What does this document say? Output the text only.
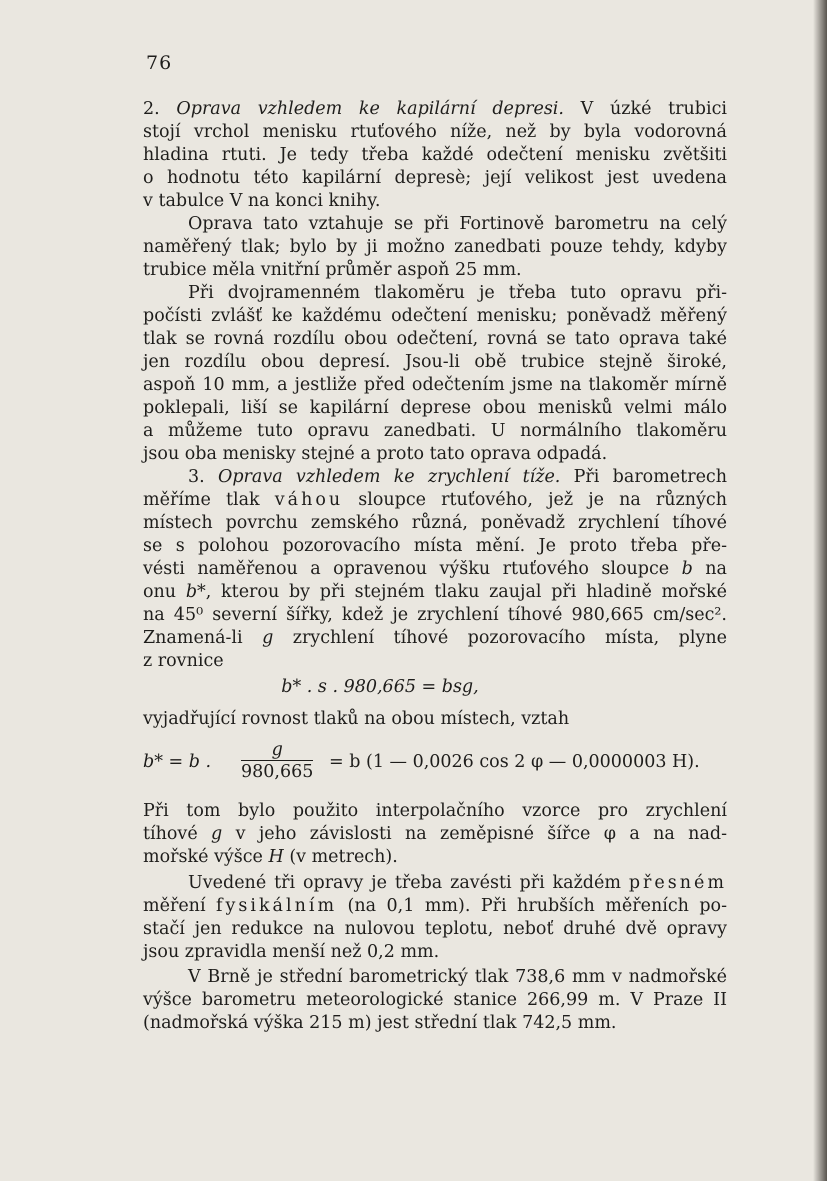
76

2. Oprava vzhledem ke kapilární depresi. V úzké trubici

stojí vrchol menisku rtuťového níže, než by byla vodorovná

hladina rtuti. Je tedy třeba každé odečtení menisku zvětšiti

o hodnotu této kapilární depresè; její velikost jest uvedena

v tabulce V na konci knihy.

Oprava tato vztahuje se při Fortinově barometru na celý

naměřený tlak; bylo by ji možno zanedbati pouze tehdy, kdyby

trubice měla vnitřní průměr aspoň 25 mm.

Při dvojramenném tlakoměru je třeba tuto opravu při-

počísti zvlášť ke každému odečtení menisku; poněvadž měřený

tlak se rovná rozdílu obou odečtení, rovná se tato oprava také

jen rozdílu obou depresí. Jsou-li obě trubice stejně široké,

aspoň 10 mm, a jestliže před odečtením jsme na tlakoměr mírně

poklepali, liší se kapilární deprese obou menisků velmi málo

a můžeme tuto opravu zanedbati. U normálního tlakoměru

jsou oba menisky stejné a proto tato oprava odpadá.

3. Oprava vzhledem ke zrychlení tíže. Při barometrech

měříme tlak váhou sloupce rtuťového, jež je na různých

místech povrchu zemského různá, poněvadž zrychlení tíhové

se s polohou pozorovacího místa mění. Je proto třeba pře-

vésti naměřenou a opravenou výšku rtuťového sloupce b na

onu b*, kterou by při stejném tlaku zaujal při hladině mořské

na 45⁰ severní šířky, kdež je zrychlení tíhové 980,665 cm/sec².

Znamená-li g zrychlení tíhové pozorovacího místa, plyne

z rovnice

b* . s . 980,665 = bsg,

vyjadřující rovnost tlaků na obou místech, vztah

b* = b . $\frac{g}{980,665} = b$ (1 — 0,0026 cos 2 φ — 0,0000003 H).

Při tom bylo použito interpolačního vzorce pro zrychlení

tíhové g v jeho závislosti na zeměpisné šířce φ a na nad-

mořské výšce H (v metrech).

Uvedené tři opravy je třeba zavésti při každém přesném

měření fysikálním (na 0,1 mm). Při hrubších měřeních po-

stačí jen redukce na nulovou teplotu, neboť druhé dvě opravy

jsou zpravidla menší než 0,2 mm.

V Brně je střední barometrický tlak 738,6 mm v nadmořské

výšce barometru meteorologické stanice 266,99 m. V Praze II

(nadmořská výška 215 m) jest střední tlak 742,5 mm.
